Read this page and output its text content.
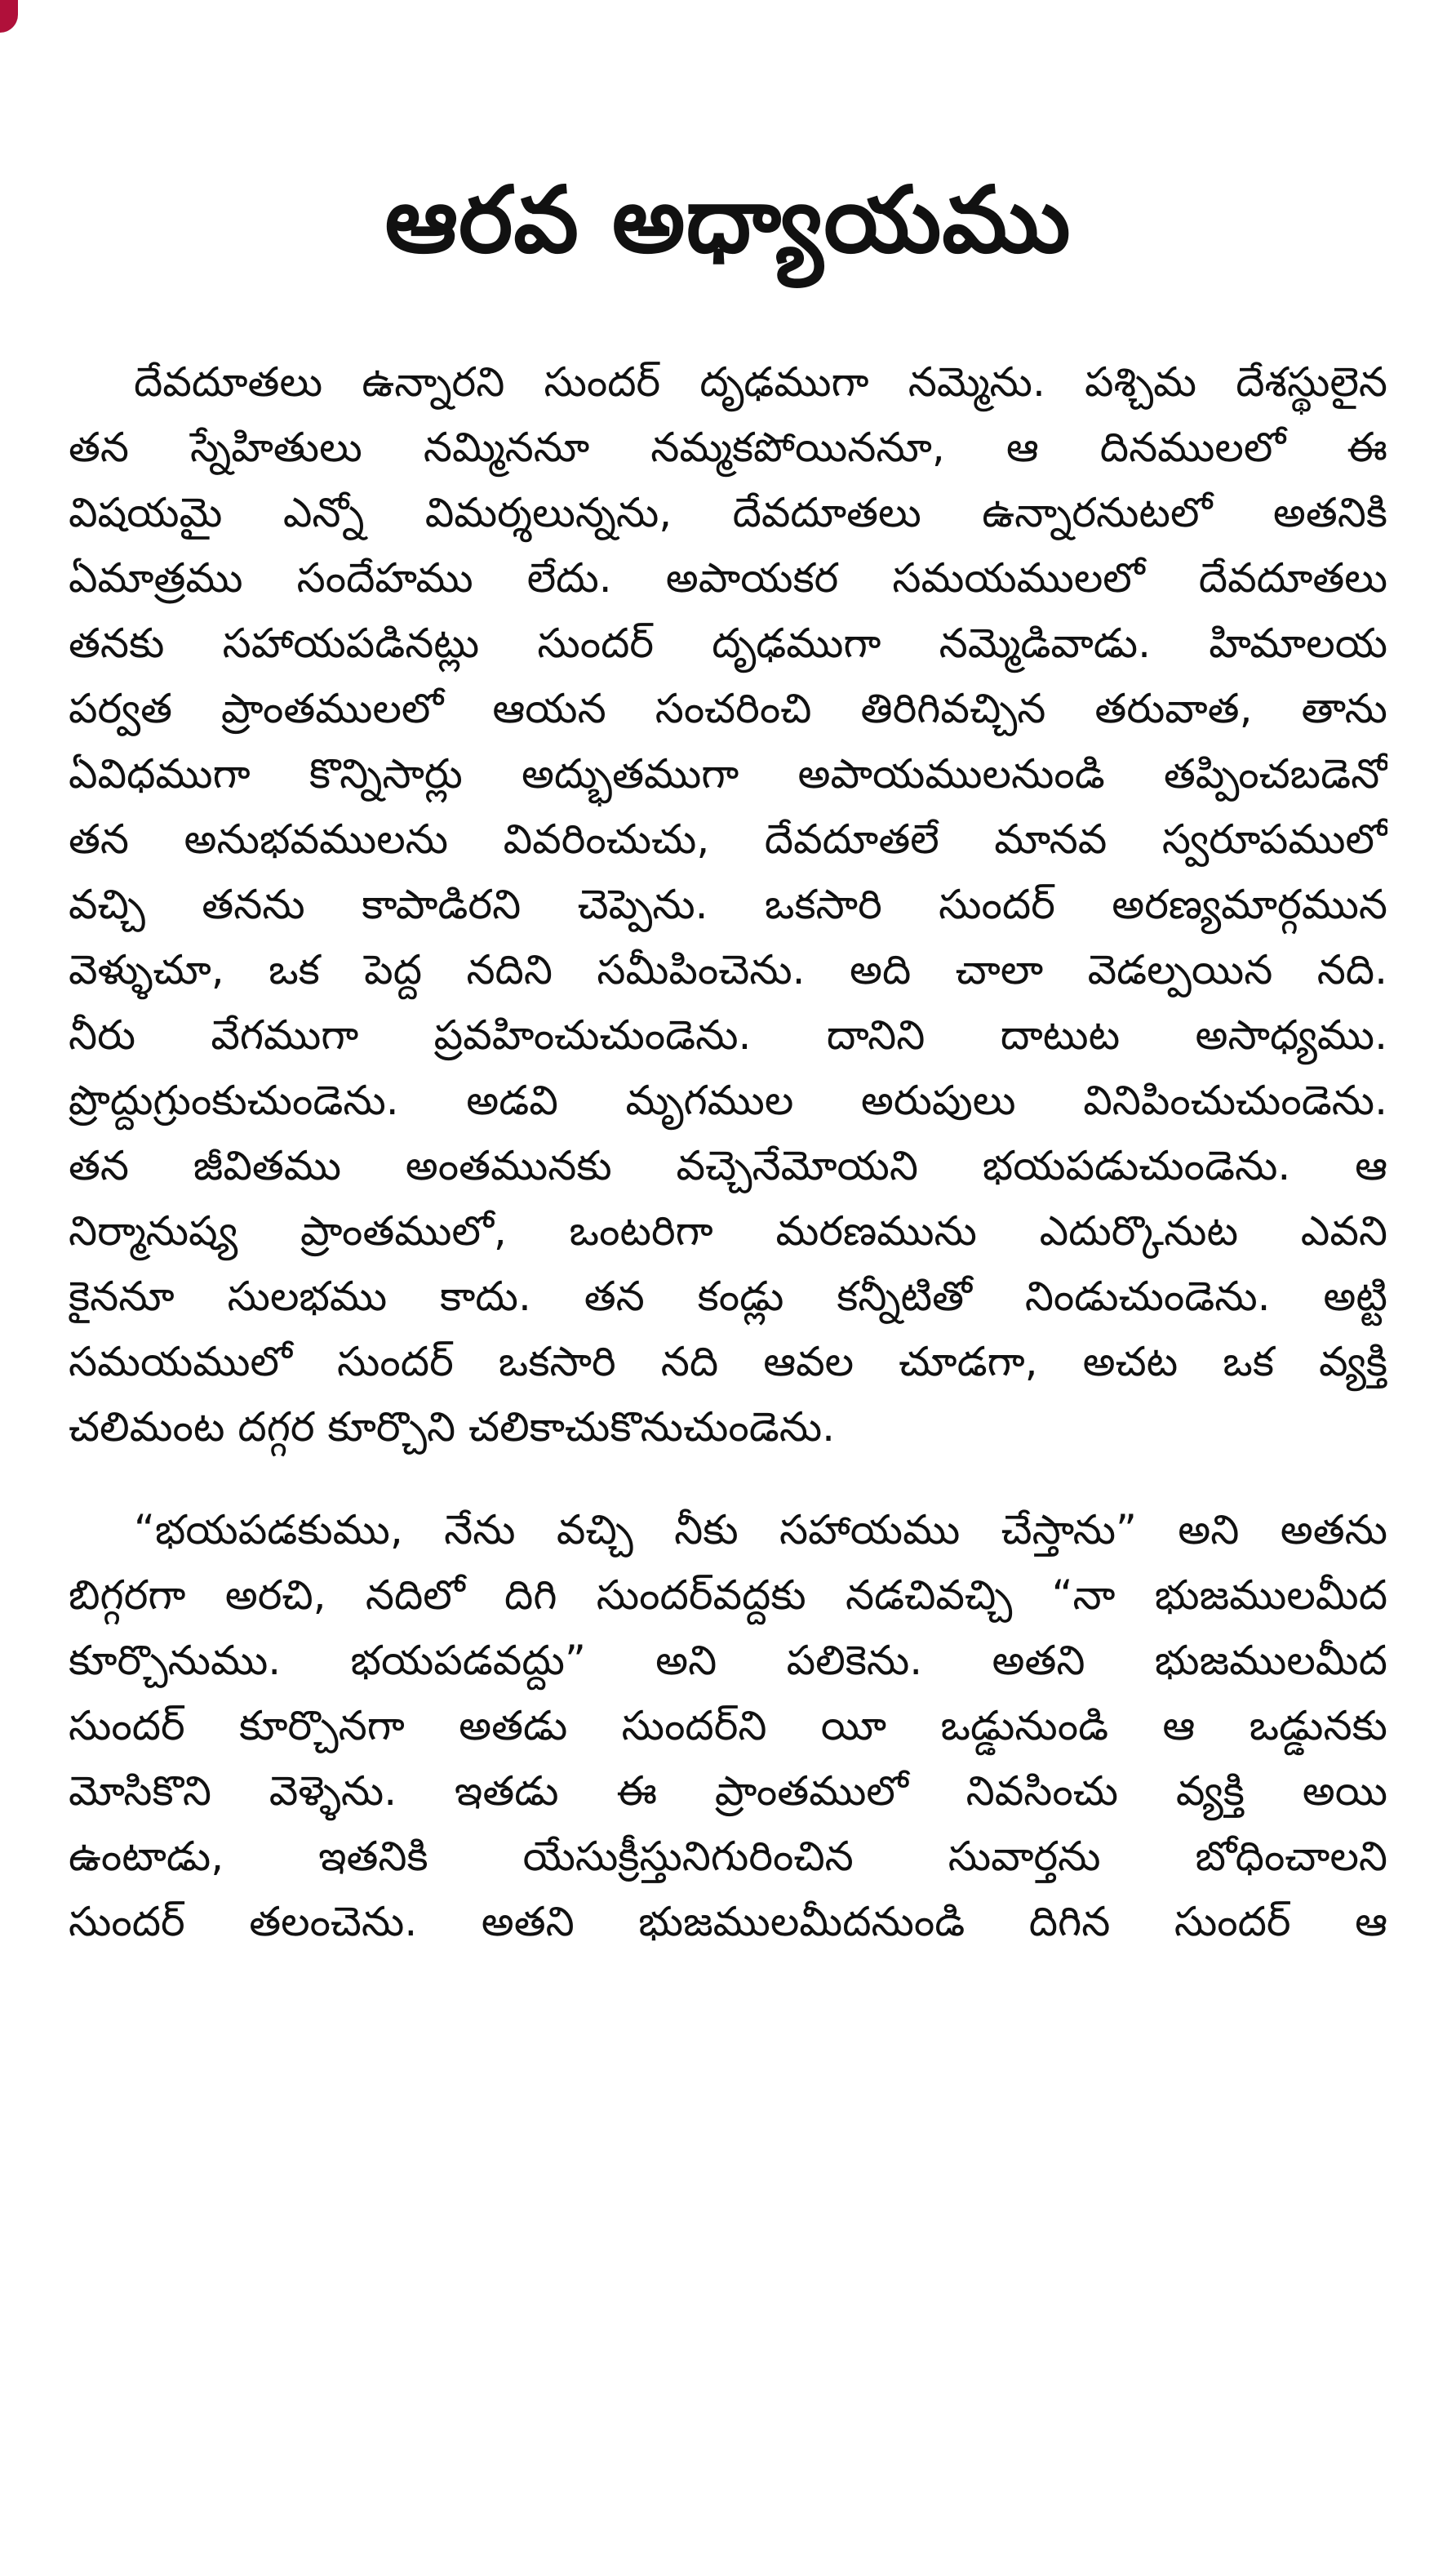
ఆరవ అధ్యాయము
దేవదూతలు ఉన్నారని సుందర్ దృఢముగా నమ్మెను. పశ్చిమ దేశస్థులైన
తన స్నేహితులు నమ్మిననూ నమ్మకపోయిననూ, ఆ దినములలో ఈ
విషయమై ఎన్నో విమర్శలున్నను, దేవదూతలు ఉన్నారనుటలో అతనికి
ఏమాత్రము సందేహము లేదు. అపాయకర సమయములలో దేవదూతలు
తనకు సహాయపడినట్లు సుందర్ దృఢముగా నమ్మెడివాడు. హిమాలయ
పర్వత ప్రాంతములలో ఆయన సంచరించి తిరిగివచ్చిన తరువాత, తాను
ఏవిధముగా కొన్నిసార్లు అద్భుతముగా అపాయములనుండి తప్పించబడెనో
తన అనుభవములను వివరించుచు, దేవదూతలే మానవ స్వరూపములో
వచ్చి తనను కాపాడిరని చెప్పెను. ఒకసారి సుందర్ అరణ్యమార్గమున
వెళ్ళుచూ, ఒక పెద్ద నదిని సమీపించెను. అది చాలా వెడల్పయిన నది.
నీరు వేగముగా ప్రవహించుచుండెను. దానిని దాటుట అసాధ్యము.
ప్రొద్దుగ్రుంకుచుండెను. అడవి మృగముల అరుపులు వినిపించుచుండెను.
తన జీవితము అంతమునకు వచ్చెనేమోయని భయపడుచుండెను. ఆ
నిర్మానుష్య ప్రాంతములో, ఒంటరిగా మరణమును ఎదుర్కొనుట ఎవని
కైననూ సులభము కాదు. తన కండ్లు కన్నీటితో నిండుచుండెను. అట్టి
సమయములో సుందర్ ఒకసారి నది ఆవల చూడగా, అచట ఒక వ్యక్తి
చలిమంట దగ్గర కూర్చొని చలికాచుకొనుచుండెను.
“భయపడకుము, నేను వచ్చి నీకు సహాయము చేస్తాను” అని అతను
బిగ్గరగా అరచి, నదిలో దిగి సుందర్‌వద్దకు నడచివచ్చి “నా భుజములమీద
కూర్చొనుము. భయపడవద్దు” అని పలికెను. అతని భుజములమీద
సుందర్ కూర్చొనగా అతడు సుందర్‌ని యీ ఒడ్డునుండి ఆ ఒడ్డునకు
మోసికొని వెళ్ళెను. ఇతడు ఈ ప్రాంతములో నివసించు వ్యక్తి అయి
ఉంటాడు, ఇతనికి యేసుక్రీస్తునిగురించిన సువార్తను బోధించాలని
సుందర్ తలంచెను. అతని భుజములమీదనుండి దిగిన సుందర్ ఆ
